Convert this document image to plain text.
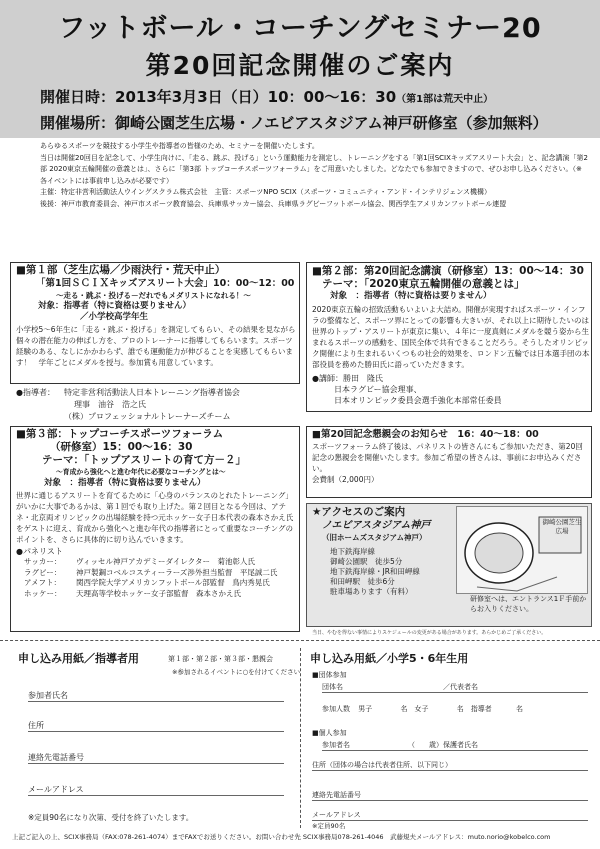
フットボール・コーチングセミナー20
第20回記念開催のご案内
開催日時：2013年3月3日（日）10：00～16：30（第1部は荒天中止）
開催場所：御崎公園芝生広場・ノエビアスタジアム神戸研修室（参加無料）

あらゆるスポーツを競技する小学生や指導者の皆様のため、セミナーを開催いたします。

当日は開催20回目を記念して、小学生向けに、「走る、跳ぶ、投げる」という運動能力を測定し、トレーニングをする「第1回SCIXキッズアスリート大会」と、記念講演「第2部 2020東京五輪開催の意義とは」、さらに「第3部 トップコーチスポーツフォーラム」をご用意いたしました。どなたでも参加できますので、ぜひお申し込みください。（※各イベントには事前申し込みが必要です）

主催：特定非営利活動法人ウイングスクラム株式会社　主管：スポーツNPO SCIX（スポーツ・コミュニティ・アンド・インテリジェンス機構）

後援：神戸市教育委員会、神戸市スポーツ教育協会、兵庫県サッカー協会、兵庫県ラグビーフットボール協会、関西学生アメリカンフットボール連盟

■第１部（芝生広場／少雨決行・荒天中止）
「第1回ＳＣＩＸキッズアスリート大会」10：00～12：00
～走る・跳ぶ・投げる－だれでもメダリストになれる！～
対象：指導者（特に資格は要りません）
／小学校高学年生
小学校5～6年生に「走る・跳ぶ・投げる」を測定してもらい、その結果を見ながら個々の潜在能力の伸ばし方を、プロのトレーナーに指導してもらいます。スポーツ経験のある、なしにかかわらず、誰でも運動能力が伸びることを実感してもらいます！　学年ごとにメダルを授与。参加賞も用意しています。
●指導者： 特定非営利活動法人日本トレーニング指導者協会
理事　油谷　浩之氏
（株）プロフェッショナルトレーナーズチーム
■第２部：第20回記念講演（研修室）13：00～14：30
テーマ：「2020東京五輪開催の意義とは」
対象　：指導者（特に資格は要りません）
2020東京五輪の招致活動もいよいよ大詰め。開催が実現すればスポーツ・インフラの整備など、スポーツ界にとっての影響も大きいが、それ以上に期待したいのは世界のトップ・アスリートが東京に集い、４年に一度真剣にメダルを競う姿から生まれるスポーツの感動を、国民全体で共有できることだろう。そうしたオリンピック開催により生まれるいくつもの社会的効果を、ロンドン五輪では日本選手団の本部役員を務めた勝田氏に語っていただきます。
●講師：勝田　隆氏
日本ラグビー協会理事、
日本オリンピック委員会選手強化本部常任委員
■第３部：トップコーチスポーツフォーラム
（研修室）15：00～16：30
テーマ：「トップアスリートの育て方－２」
～育成から強化へと進む年代に必要なコーチングとは～
対象　：指導者（特に資格は要りません）
世界に通じるアスリートを育てるために「心身のバランスのとれたトレーニング」がいかに大事であるかは、第１回でも取り上げた。第２回目となる今回は、アテネ・北京両オリンピックの出場経験を持つ元ホッケー女子日本代表の森本さかえ氏をゲストに迎え、育成から強化へと進む年代の指導者にとって重要なコーチングのポイントを、さらに具体的に切り込んでいきます。
●パネリスト
サッカー： ヴィッセル神戸アカデミーダイレクター　菊池彰人氏
ラグビー： 神戸製鋼コベルコスティーラーズ渉外担当監督　平尾誠二氏
アメフト： 関西学院大学アメリカンフットボール部監督　鳥内秀晃氏
ホッケー： 天理高等学校ホッケー女子部監督　森本さかえ氏
■第20回記念懇親会のお知らせ　16：40～18：00
スポーツフォーラム終了後は、パネリストの皆さんにもご参加いただき、第20回記念の懇親会を開催いたします。参加ご希望の皆さんは、事前にお申込みください。
会費制（2,000円）
★アクセスのご案内
ノエビアスタジアム神戸
（旧ホームズスタジアム神戸）
地下鉄海岸線
御崎公園駅　徒歩5分
地下鉄海岸線・JR和田岬線
和田岬駅　徒歩6分
駐車場あります（有料）
御崎公園芝生広場
研修室へは、エントランス1Ｆ手前からお入りください。
当日、やむを得ない事情によりスケジュールの変更がある場合があります。あらかじめご了承ください。
申し込み用紙／指導者用	第１部・第２部・第３部・懇親会
※参加されるイベントに○を付けてください
参加者氏名
住所
連絡先電話番号
メールアドレス
※定員90名になり次第、受付を終了いたします。
申し込み用紙／小学5・6年生用
■団体参加
団体名	／代表者名
参加人数 男子	名　女子	名　指導者	名
■個人参加
参加者名	（　　歳）保護者氏名
住所（団体の場合は代表者住所、以下同じ）
連絡先電話番号
メールアドレス
※定員90名
上記ご記入の上、SCIX事務局（FAX:078-261-4074）までFAXでお送りください。お問い合わせ先 SCIX事務局078-261-4046　武藤規夫メールアドレス：muto.norio@kobelco.com
